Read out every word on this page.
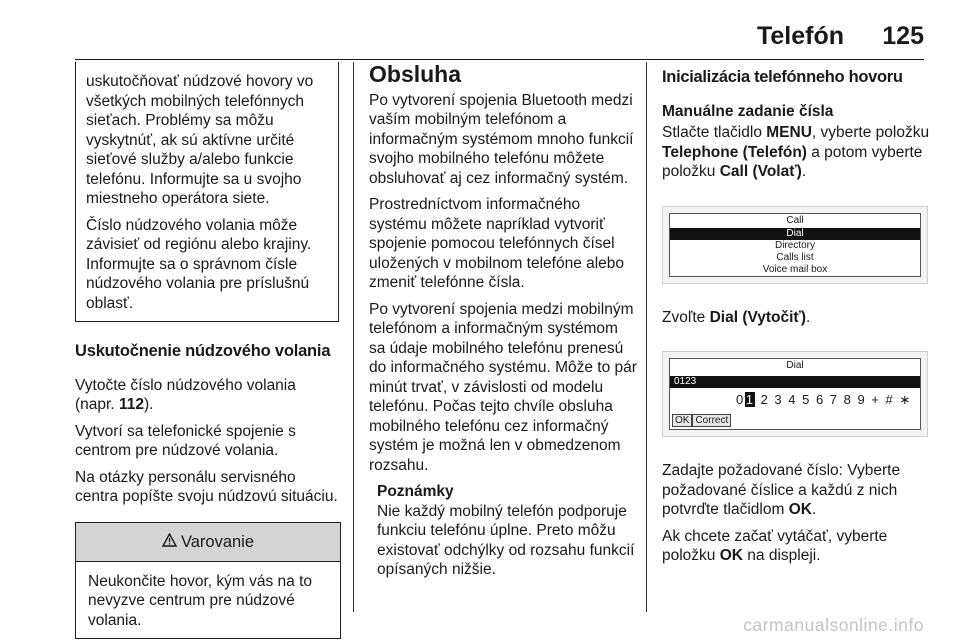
Telefón 125

uskutočňovať núdzové hovory vo všetkých mobilných telefónnych sieťach. Problémy sa môžu vyskytnúť, ak sú aktívne určité sieťové služby a/alebo funkcie telefónu. Informujte sa u svojho miestneho operátora siete.

Číslo núdzového volania môže závisieť od regiónu alebo krajiny. Informujte sa o správnom čísle núdzového volania pre príslušnú oblasť.

Uskutočnenie núdzového volania

Vytočte číslo núdzového volania (napr. 112).

Vytvorí sa telefonické spojenie s centrom pre núdzové volania.

Na otázky personálu servisného centra popíšte svoju núdzovú situáciu.

Varovanie
Neukončite hovor, kým vás na to nevyzve centrum pre núdzové volania.
Obsluha

Po vytvorení spojenia Bluetooth medzi vaším mobilným telefónom a informačným systémom mnoho funkcií svojho mobilného telefónu môžete obsluhovať aj cez informačný systém.

Prostredníctvom informačného systému môžete napríklad vytvoriť spojenie pomocou telefónnych čísel uložených v mobilnom telefóne alebo zmeniť telefónne čísla.

Po vytvorení spojenia medzi mobilným telefónom a informačným systémom sa údaje mobilného telefónu prenesú do informačného systému. Môže to pár minút trvať, v závislosti od modelu telefónu. Počas tejto chvíle obsluha mobilného telefónu cez informačný systém je možná len v obmedzenom rozsahu.

Poznámky

Nie každý mobilný telefón podporuje funkciu telefónu úplne. Preto môžu existovať odchýlky od rozsahu funkcií opísaných nižšie.

Inicializácia telefónneho hovoru
Manuálne zadanie čísla

Stlačte tlačidlo MENU, vyberte položku Telephone (Telefón) a potom vyberte položku Call (Volať).

Call
Dial
Directory
Calls list
Voice mail box

Zvoľte Dial (Vytočiť).

Dial
0123
01 2 3 4 5 6 7 8 9 + # ∗
OK Correct

Zadajte požadované číslo: Vyberte požadované číslice a každú z nich potvrďte tlačidlom OK.

Ak chcete začať vytáčať, vyberte položku OK na displeji.

carmanualsonline.info
